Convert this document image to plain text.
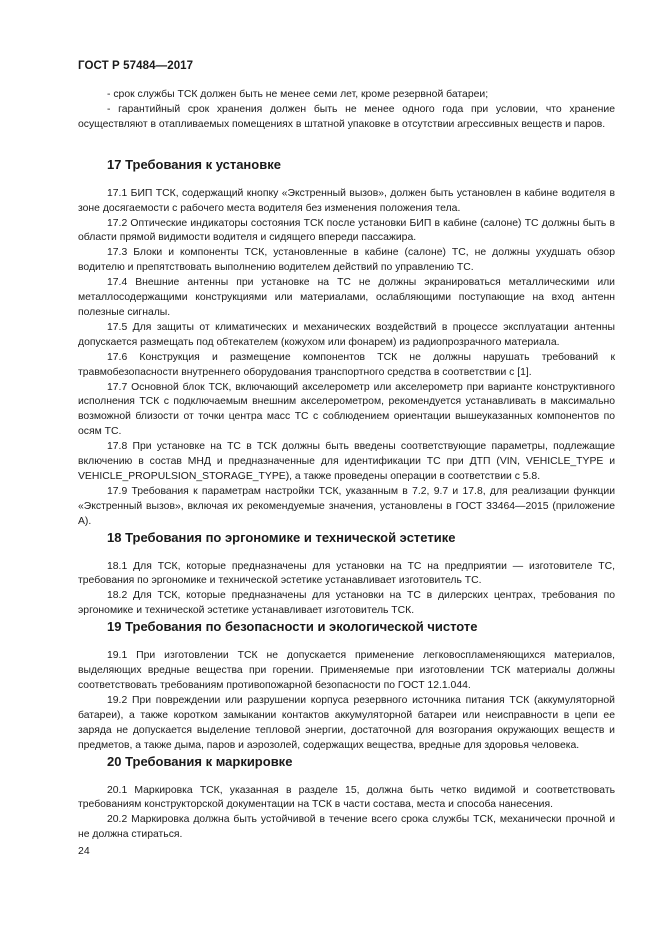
ГОСТ Р 57484—2017

- срок службы ТСК должен быть не менее семи лет, кроме резервной батареи;

- гарантийный срок хранения должен быть не менее одного года при условии, что хранение осуществляют в отапливаемых помещениях в штатной упаковке в отсутствии агрессивных веществ и паров.

17 Требования к установке

17.1 БИП ТСК, содержащий кнопку «Экстренный вызов», должен быть установлен в кабине водителя в зоне досягаемости с рабочего места водителя без изменения положения тела.

17.2 Оптические индикаторы состояния ТСК после установки БИП в кабине (салоне) ТС должны быть в области прямой видимости водителя и сидящего впереди пассажира.

17.3 Блоки и компоненты ТСК, установленные в кабине (салоне) ТС, не должны ухудшать обзор водителю и препятствовать выполнению водителем действий по управлению ТС.

17.4 Внешние антенны при установке на ТС не должны экранироваться металлическими или металлосодержащими конструкциями или материалами, ослабляющими поступающие на вход антенн полезные сигналы.

17.5 Для защиты от климатических и механических воздействий в процессе эксплуатации антенны допускается размещать под обтекателем (кожухом или фонарем) из радиопрозрачного материала.

17.6 Конструкция и размещение компонентов ТСК не должны нарушать требований к травмобезопасности внутреннего оборудования транспортного средства в соответствии с [1].

17.7 Основной блок ТСК, включающий акселерометр или акселерометр при варианте конструктивного исполнения ТСК с подключаемым внешним акселерометром, рекомендуется устанавливать в максимально возможной близости от точки центра масс ТС с соблюдением ориентации вышеуказанных компонентов по осям ТС.

17.8 При установке на ТС в ТСК должны быть введены соответствующие параметры, подлежащие включению в состав МНД и предназначенные для идентификации ТС при ДТП (VIN, VEHICLE_TYPE и VEHICLE_PROPULSION_STORAGE_TYPE), а также проведены операции в соответствии с 5.8.

17.9 Требования к параметрам настройки ТСК, указанным в 7.2, 9.7 и 17.8, для реализации функции «Экстренный вызов», включая их рекомендуемые значения, установлены в ГОСТ 33464—2015 (приложение А).

18 Требования по эргономике и технической эстетике

18.1 Для ТСК, которые предназначены для установки на ТС на предприятии — изготовителе ТС, требования по эргономике и технической эстетике устанавливает изготовитель ТС.

18.2 Для ТСК, которые предназначены для установки на ТС в дилерских центрах, требования по эргономике и технической эстетике устанавливает изготовитель ТСК.

19 Требования по безопасности и экологической чистоте

19.1 При изготовлении ТСК не допускается применение легковоспламеняющихся материалов, выделяющих вредные вещества при горении. Применяемые при изготовлении ТСК материалы должны соответствовать требованиям противопожарной безопасности по ГОСТ 12.1.044.

19.2 При повреждении или разрушении корпуса резервного источника питания ТСК (аккумуляторной батареи), а также коротком замыкании контактов аккумуляторной батареи или неисправности в цепи ее заряда не допускается выделение тепловой энергии, достаточной для возгорания окружающих веществ и предметов, а также дыма, паров и аэрозолей, содержащих вещества, вредные для здоровья человека.

20 Требования к маркировке

20.1 Маркировка ТСК, указанная в разделе 15, должна быть четко видимой и соответствовать требованиям конструкторской документации на ТСК в части состава, места и способа нанесения.

20.2 Маркировка должна быть устойчивой в течение всего срока службы ТСК, механически прочной и не должна стираться.

24
